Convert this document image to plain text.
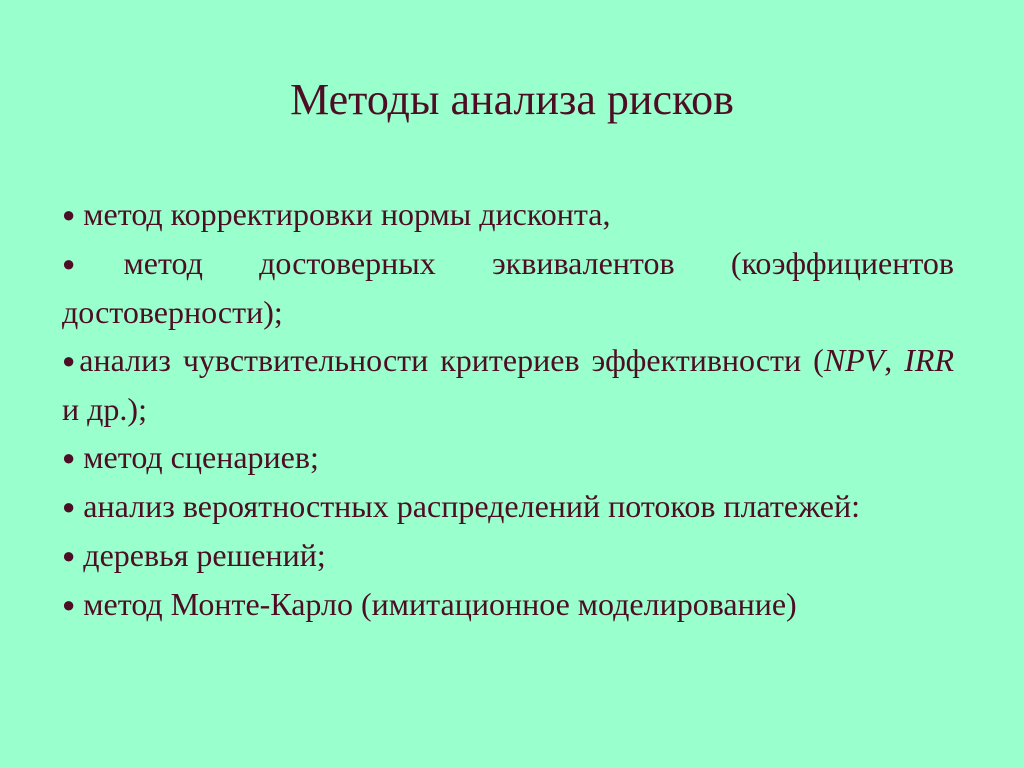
Методы анализа рисков
● метод корректировки нормы дисконта,
●метод достоверных эквивалентов (коэффициентов достоверности);
●анализ чувствительности критериев эффективности (NPV, IRR и др.);
● метод сценариев;
● анализ вероятностных распределений потоков платежей:
● деревья решений;
● метод Монте-Карло (имитационное моделирование)
